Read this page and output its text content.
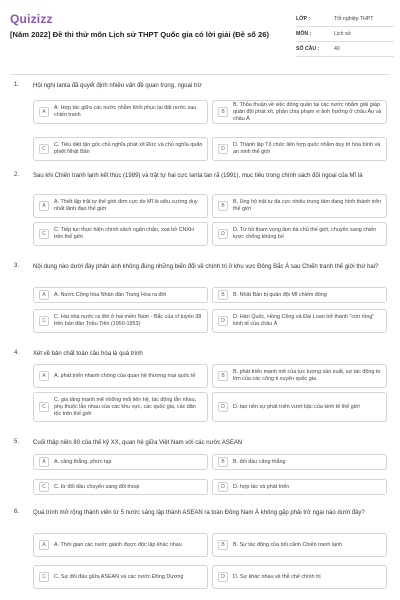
Quizizz
[Năm 2022] Đề thi thử môn Lịch sử THPT Quốc gia có lời giải (Đề số 26)
LỚP :	Tốt nghiệp THPT
MÔN :	Lịch sử
SỐ CÂU :	40
1. Hội nghị Ianta đã quyết định nhiều vấn đề quan trọng, ngoại trừ
A
A. Hợp tác giữa các nước nhằm khôi phục lại đất nước sau chiến tranh	B
B. Thỏa thuận về việc đóng quân tại các nước nhằm giải giáp quân đội phát xít, phân chia phạm vi ảnh hưởng ở châu Âu và châu Á
C
C. Tiêu diệt tận gốc chủ nghĩa phát xít Đức và chủ nghĩa quân phiệt Nhật Bản	D
D. Thành lập Tổ chức liên hợp quốc nhằm duy trì hòa bình và an ninh thế giới
2. Sau khi Chiến tranh lạnh kết thúc (1989) và trật tự hai cực Ianta tan rã (1991), mục tiêu trong chính sách đối ngoại của Mĩ là
A
A. Thiết lập trật tự thế giới đơn cực do Mĩ là siêu cường duy nhất lãnh đạo thế giới	B
B. Ủng hộ trật tự đa cực nhiều trung tâm đang hình thành trên thế giới
C
C. Tiếp tục thực hiện chính sách ngăn chặn, xoá bỏ CNXH trên thế giới	D
D. Từ bỏ tham vọng làm bá chủ thế giới, chuyển sang chiến lược chống khủng bố
3. Nội dung nào dưới đây phản ánh không đúng những biến đổi về chính trị ở khu vực Đông Bắc Á sau Chiến tranh thế giới thứ hai?
A	A. Nước Cộng hòa Nhân dân Trung Hoa ra đời	B	B. Nhật Bản bị quân đội Mĩ chiếm đóng
C
C. Hai nhà nước ra đời ở hai miền Nam - Bắc của vĩ tuyến 38 trên bán đảo Triều Tiên (1950-1953)	D
D. Hàn Quốc, Hồng Công và Đài Loan trở thành "con rồng" kinh tế của châu Á
4. Xét về bản chất toàn cầu hóa là quá trình
A	A. phát triển nhanh chóng của quan hệ thương mại quốc tế	B
B. phát triển mạnh mẽ của lực lượng sản xuất, sự tác động to lớn của các công ti xuyên quốc gia
C
C. gia tăng mạnh mẽ những mối liên hệ, tác động lẫn nhau, phụ thuộc lẫn nhau của các khu vực, các quốc gia, các dân tộc trên thế giới
D	D. tạo nên sự phát triển vượt bậc của kinh tế thế giới
5. Cuối thập niên 80 của thế kỷ XX, quan hệ giữa Việt Nam với các nước ASEAN
A	A. căng thẳng, phức tạp	B	B. đối đầu căng thẳng
C	C. từ đối đầu chuyển sang đối thoại	D	D. hợp tác và phát triển
6. Quá trình mở rộng thành viên từ 5 nước sáng lập thành ASEAN ra toàn Đông Nam Á không gặp phải trở ngại nào dưới đây?
A	A. Thời gian các nước giành được độc lập khác nhau	B	B. Sự tác động của bối cảnh Chiến tranh lạnh
C	C. Sự đối đầu giữa ASEAN và các nước Đông Dương	D	D. Sự khác nhau về thể chế chính trị
